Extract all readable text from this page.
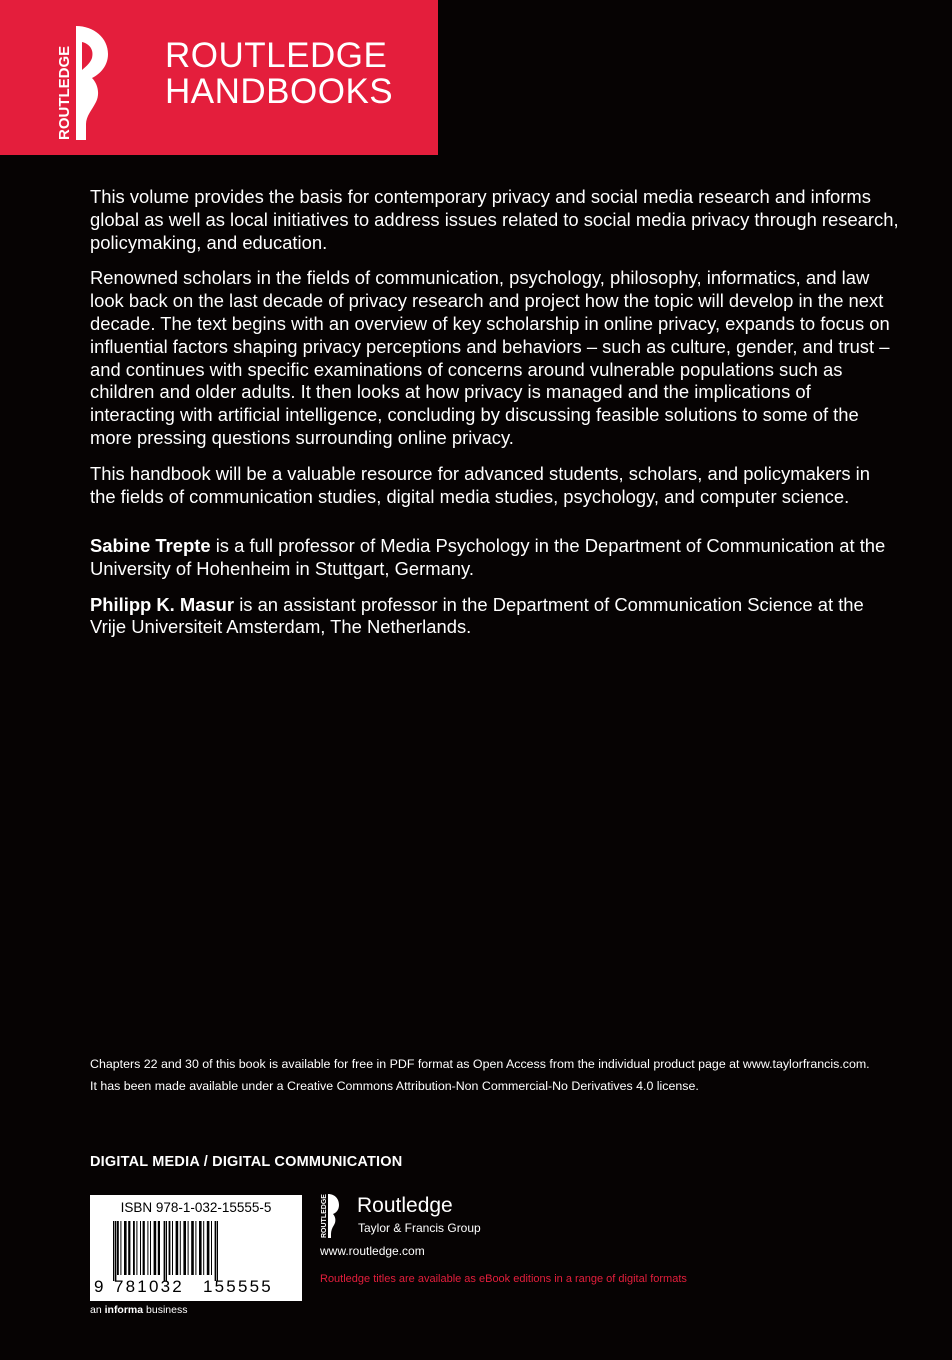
ROUTLEDGE	ROUTLEDGE
HANDBOOKS

This volume provides the basis for contemporary privacy and social media research and informs global as well as local initiatives to address issues related to social media privacy through research, policymaking, and education.

Renowned scholars in the fields of communication, psychology, philosophy, informatics, and law look back on the last decade of privacy research and project how the topic will develop in the next decade. The text begins with an overview of key scholarship in online privacy, expands to focus on influential factors shaping privacy perceptions and behaviors – such as culture, gender, and trust – and continues with specific examinations of concerns around vulnerable populations such as children and older adults. It then looks at how privacy is managed and the implications of interacting with artificial intelligence, concluding by discussing feasible solutions to some of the more pressing questions surrounding online privacy.

This handbook will be a valuable resource for advanced students, scholars, and policymakers in the fields of communication studies, digital media studies, psychology, and computer science.

Sabine Trepte is a full professor of Media Psychology in the Department of Communication at the University of Hohenheim in Stuttgart, Germany.

Philipp K. Masur is an assistant professor in the Department of Communication Science at the Vrije Universiteit Amsterdam, The Netherlands.

Chapters 22 and 30 of this book is available for free in PDF format as Open Access from the individual product page at www.taylorfrancis.com.
It has been made available under a Creative Commons Attribution-Non Commercial-No Derivatives 4.0 license.
DIGITAL MEDIA / DIGITAL COMMUNICATION
ISBN 978-1-032-15555-5
9 781032 155555
an informa business
ROUTLEDGE Routledge
Taylor & Francis Group
www.routledge.com
Routledge titles are available as eBook editions in a range of digital formats
